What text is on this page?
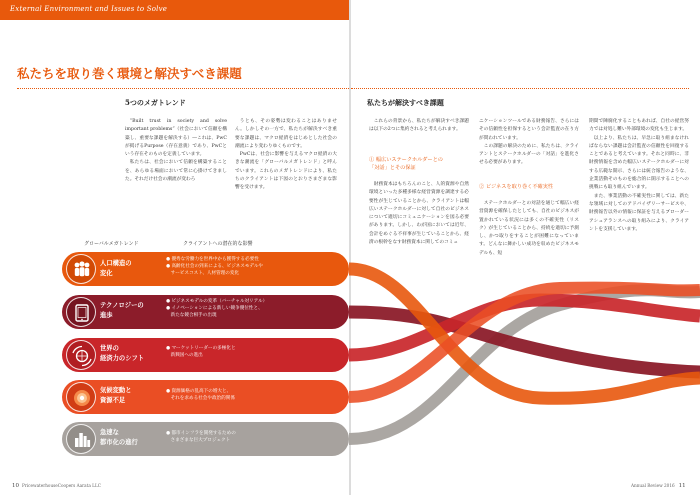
External Environment and Issues to Solve
私たちを取り巻く環境と解決すべき課題
5つのメガトレンド

“Built trust in society and solve important problems”（社会において信頼を構築し、重要な課題を解決する）―これは、PwCが掲げるPurpose（存在意義）であり、PwCという存在そのものを定義しています。

私たちは、社会において信頼を構築することを、あらゆる場面において常に心掛けてきました。それだけ社会の潮流が変わろ

うとも、その姿勢は変わることはありません。しかしその一方で、私たちが解決すべき重要な課題は、マクロ経済をはじめとした社会の潮流により変わりゆくものです。

PwCは、社会に影響を与えるマクロ経済の大きな潮流を「グローバルメガトレンド」と呼んでいます。これらのメガトレンドにより、私たちのクライアントは下図のとおりさまざまな影響を受けます。

グローバルメガトレンド	クライアントへの潜在的な影響
人口構造の
変化
● 優秀な労働力を世界中から獲得する必要性
● 高齢化社会の到来による、ビジネスモデルや
　サービスコスト、人材管理の変化
テクノロジーの
進歩
● ビジネスモデルの変革（バーチャル対リアル）
● イノベーションによる新しい競争優位性と、
　新たな競合相手の出現
世界の
経済力のシフト
● マーケットリーダーの多極化と
　新興国への進出
気候変動と
資源不足
● 資源価格の乱高下の増大と、
　それを求める社会や政治的関係
急速な
都市化の進行
● 都市インフラを開発するための
　さまざまな巨大プロジェクト
10 PricewaterhouseCoopers Aarata LLC
私たちが解決すべき課題

これらの背景から、私たちが解決すべき課題は以下の2つに集約されると考えられます。

① 幅広いステークホルダーとの
「対話」とその保証

財務資本はもちろんのこと、人的資源や自然環境といった多種多様な経営資源を調達する必要性が生じていることから、クライアントは幅広いステークホルダーに対して自社のビジネスについて適切にコミュニケーションを図る必要があります。しかし、わが国においては近年、会計をめぐる不祥事が生じていることから、経済の根幹をなす財務資本に関してのコミュ

ニケーションツールである財務報告、さらにはその信頼性を担保するという会計監査の在り方が問われています。

この課題の解決のために、私たちは、クライアントとステークホルダーの「対話」を進化させる必要があります。

② ビジネスを取り巻く不確実性

ステークホルダーとの対話を通じて幅広い経営資源を確保したとしても、自社のビジネスが置かれている状況には多くの不確実性（リスク）が生じていることから、持続を適切に予測し、かつ取りをすることが困難になっています。どんなに舞かしい成功を収めたビジネスモデルも、短

期間で陳腐化することもあれば、自社の経営努力では対処し難い外部環境の変化も生じます。

以上より、私たちは、早急に取り組まなければならない課題は会計監査の信頼性を回復することであると考えています。それと同時に、非財務情報を含めた幅広いステークホルダーに対する広範な開示、さらには統合報告のような、企業活動そのものを総合的に開示することへの挑戦にも取り組んでいます。

また、事業活動の不確実性に関しては、新たな領域に対してのアドバイザリーサービスや、財務報告以外の情報に保証を与えるブローダーアシュアランスへの取り組みにより、クライアントを支援しています。

Annual Review 2016 11
